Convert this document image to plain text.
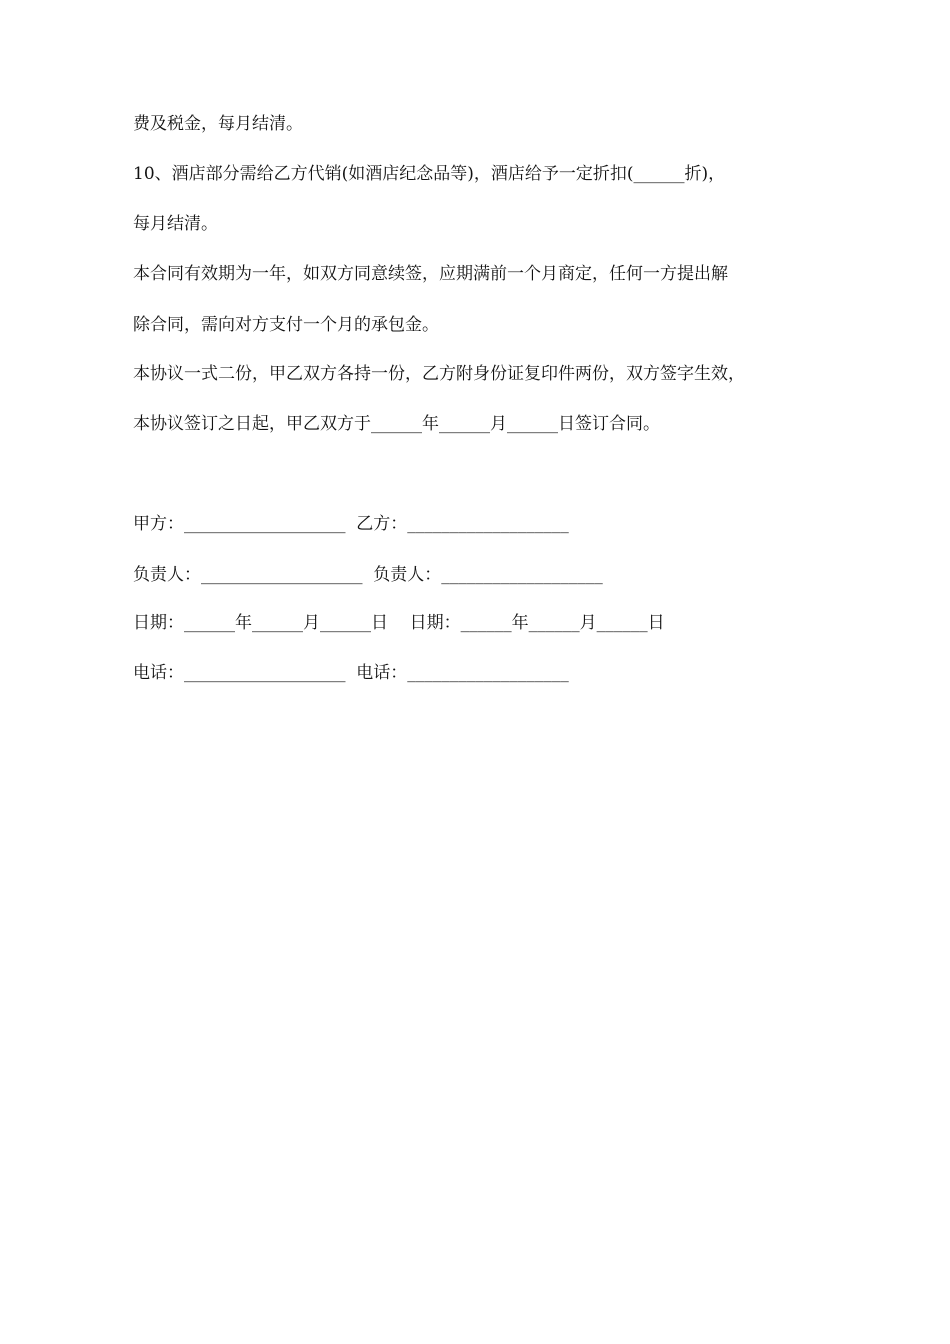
费及税金，每月结清。
10、酒店部分需给乙方代销(如酒店纪念品等)，酒店给予一定折扣(______折)，
每月结清。
本合同有效期为一年，如双方同意续签，应期满前一个月商定，任何一方提出解
除合同，需向对方支付一个月的承包金。
本协议一式二份，甲乙双方各持一份，乙方附身份证复印件两份，双方签字生效，
本协议签订之日起，甲乙双方于______年______月______日签订合同。
甲方：___________________  乙方：___________________
负责人：___________________  负责人：___________________
日期：______年______月______日    日期：______年______月______日
电话：___________________  电话：___________________
